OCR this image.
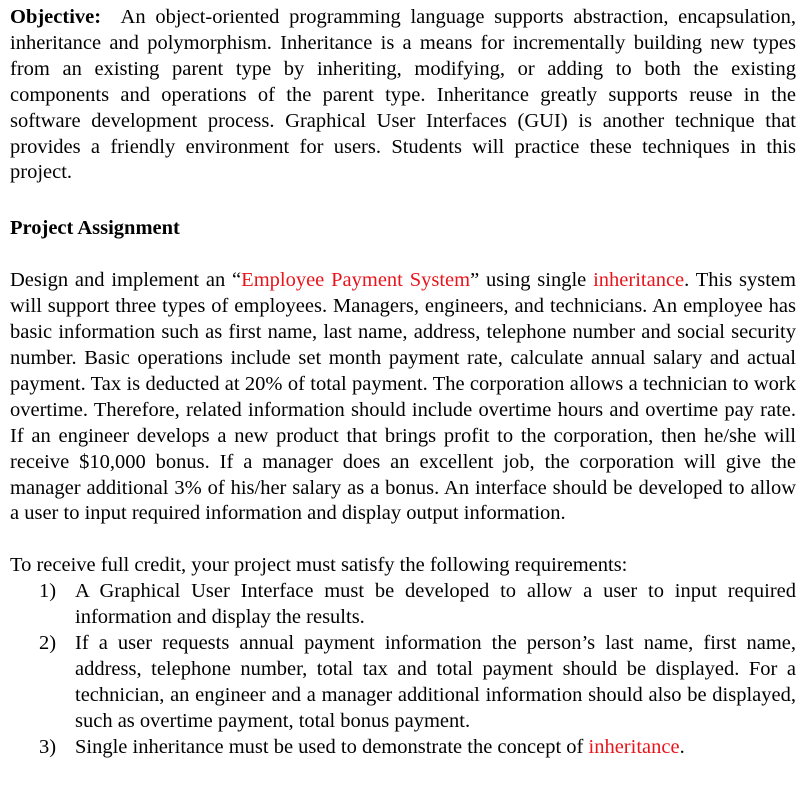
Objective: An object-oriented programming language supports abstraction, encapsulation, inheritance and polymorphism. Inheritance is a means for incrementally building new types from an existing parent type by inheriting, modifying, or adding to both the existing components and operations of the parent type. Inheritance greatly supports reuse in the software development process. Graphical User Interfaces (GUI) is another technique that provides a friendly environment for users. Students will practice these techniques in this project.

Project Assignment

Design and implement an “Employee Payment System” using single inheritance. This system will support three types of employees. Managers, engineers, and technicians. An employee has basic information such as first name, last name, address, telephone number and social security number. Basic operations include set month payment rate, calculate annual salary and actual payment. Tax is deducted at 20% of total payment. The corporation allows a technician to work overtime. Therefore, related information should include overtime hours and overtime pay rate. If an engineer develops a new product that brings profit to the corporation, then he/she will receive $10,000 bonus. If a manager does an excellent job, the corporation will give the manager additional 3% of his/her salary as a bonus. An interface should be developed to allow a user to input required information and display output information.

To receive full credit, your project must satisfy the following requirements:

1) A Graphical User Interface must be developed to allow a user to input required information and display the results.
2) If a user requests annual payment information the person’s last name, first name, address, telephone number, total tax and total payment should be displayed. For a technician, an engineer and a manager additional information should also be displayed, such as overtime payment, total bonus payment.
3) Single inheritance must be used to demonstrate the concept of inheritance.
